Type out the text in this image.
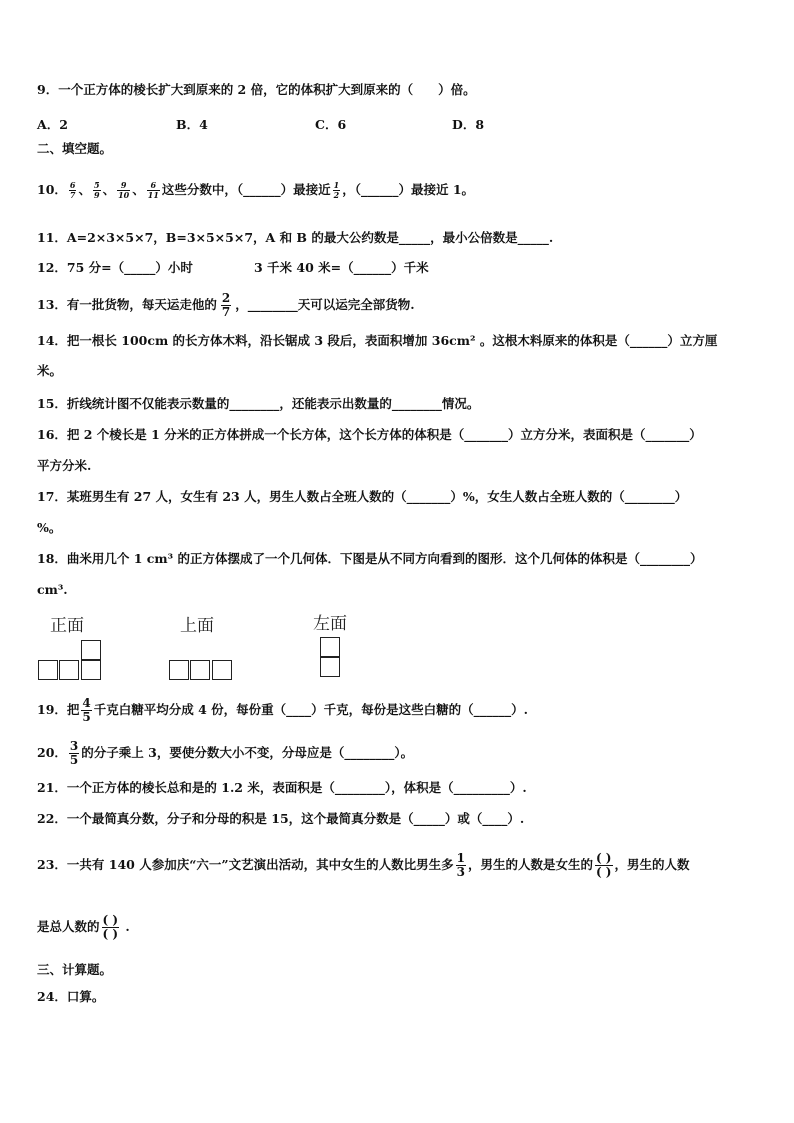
9．一个正方体的棱长扩大到原来的 2 倍，它的体积扩大到原来的（　　）倍。
A．2	B．4	C．6	D．8
二、填空题。
10． $\frac{6}{7}$ 、 $\frac{5}{9}$ 、 $\frac{9}{10}$ 、 $\frac{6}{11}$ 这些分数中，（______）最接近 $\frac{1}{2}$ ，（______）最接近 1。
11．A=2×3×5×7，B=3×5×5×7，A 和 B 的最大公约数是_____，最小公倍数是_____.
12．75 分=（_____）小时	3 千米 40 米=（______）千米
13．有一批货物，每天运走他的 $\frac{2}{7}$ ，________天可以运完全部货物.
14．把一根长 100cm 的长方体木料，沿长锯成 3 段后，表面积增加 36cm² 。这根木料原来的体积是（______）立方厘
米。
15．折线统计图不仅能表示数量的________，还能表示出数量的________情况。
16．把 2 个棱长是 1 分米的正方体拼成一个长方体，这个长方体的体积是（_______）立方分米，表面积是（_______）
平方分米.
17．某班男生有 27 人，女生有 23 人，男生人数占全班人数的（_______）%，女生人数占全班人数的（________）
%。
18．曲米用几个 1 cm³ 的正方体摆成了一个几何体．下图是从不同方向看到的图形．这个几何体的体积是（________）
cm³.
正面	上面	左面
19．把 $\frac{4}{5}$ 千克白糖平均分成 4 份，每份重（____）千克，每份是这些白糖的（______）.
20． $\frac{3}{5}$ 的分子乘上 3，要使分数大小不变，分母应是（________）。
21．一个正方体的棱长总和是的 1.2 米，表面积是（________），体积是（_________）.
22．一个最简真分数，分子和分母的积是 15，这个最简真分数是（_____）或（____）.
23．一共有 140 人参加庆“六一”文艺演出活动，其中女生的人数比男生多 $\frac{1}{3}$ ，男生的人数是女生的 $\frac{( )}{( )}$ ，男生的人数
是总人数的 $\frac{( )}{( )}$ .
三、计算题。
24．口算。
